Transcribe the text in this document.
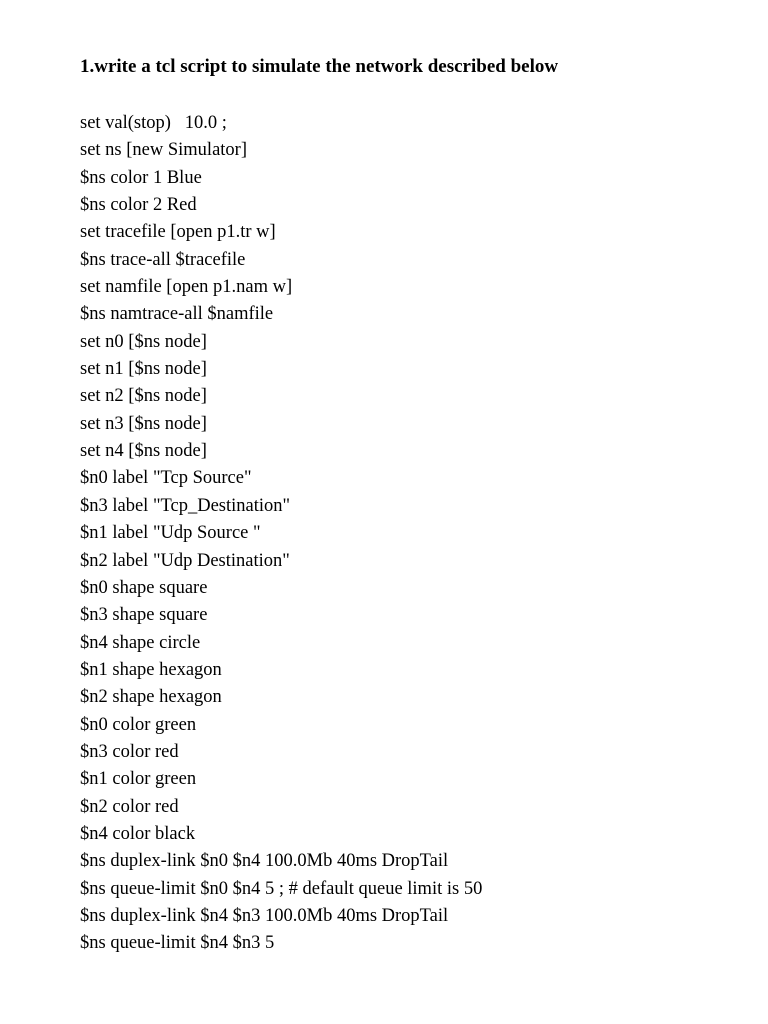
1.write a tcl script to simulate the network described below
set val(stop)   10.0 ;
set ns [new Simulator]
$ns color 1 Blue
$ns color 2 Red
set tracefile [open p1.tr w]
$ns trace-all $tracefile
set namfile [open p1.nam w]
$ns namtrace-all $namfile
set n0 [$ns node]
set n1 [$ns node]
set n2 [$ns node]
set n3 [$ns node]
set n4 [$ns node]
$n0 label "Tcp Source"
$n3 label "Tcp_Destination"
$n1 label "Udp Source "
$n2 label "Udp Destination"
$n0 shape square
$n3 shape square
$n4 shape circle
$n1 shape hexagon
$n2 shape hexagon
$n0 color green
$n3 color red
$n1 color green
$n2 color red
$n4 color black
$ns duplex-link $n0 $n4 100.0Mb 40ms DropTail
$ns queue-limit $n0 $n4 5 ; # default queue limit is 50
$ns duplex-link $n4 $n3 100.0Mb 40ms DropTail
$ns queue-limit $n4 $n3 5
